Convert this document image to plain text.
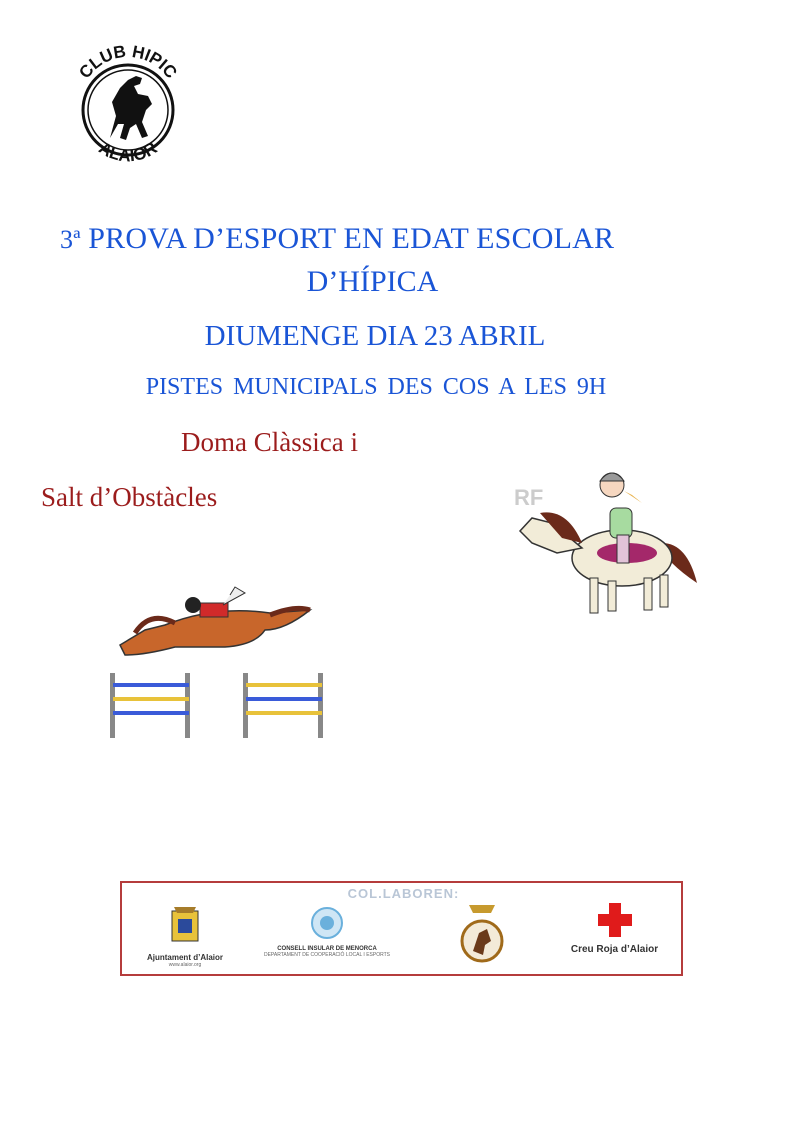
CLUB HIPIC
ALAIOR
3ª PROVA D’ESPORT EN EDAT ESCOLAR
D’HÍPICA
DIUMENGE DIA 23 ABRIL
PISTES MUNICIPALS DES COS A LES 9H
Doma Clàssica i
Salt d’Obstàcles	RF
COL.LABOREN:
Ajuntament d’Alaior
www.alaior.org
CONSELL INSULAR DE MENORCA
DEPARTAMENT DE COOPERACIÓ LOCAL I ESPORTS	Creu Roja d’Alaior
